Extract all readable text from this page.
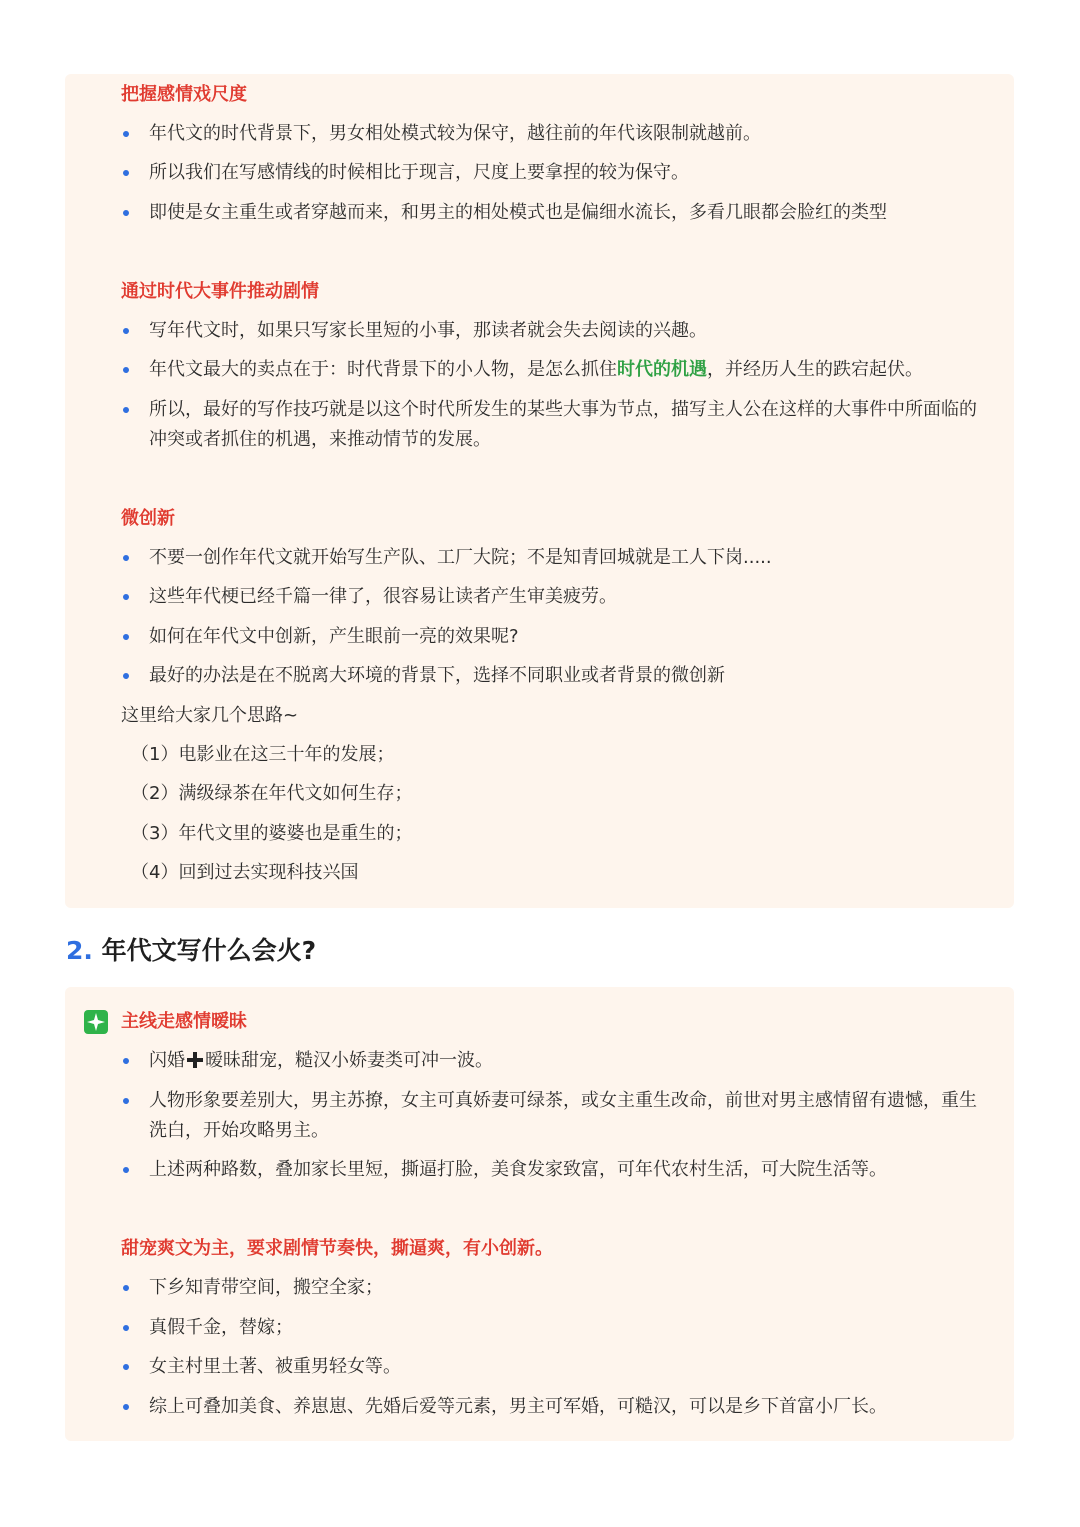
把握感情戏尺度
年代文的时代背景下，男女相处模式较为保守，越往前的年代该限制就越前。
所以我们在写感情线的时候相比于现言，尺度上要拿捏的较为保守。
即使是女主重生或者穿越而来，和男主的相处模式也是偏细水流长，多看几眼都会脸红的类型
通过时代大事件推动剧情
写年代文时，如果只写家长里短的小事，那读者就会失去阅读的兴趣。
年代文最大的卖点在于：时代背景下的小人物，是怎么抓住时代的机遇，并经历人生的跌宕起伏。
所以，最好的写作技巧就是以这个时代所发生的某些大事为节点，描写主人公在这样的大事件中所面临的冲突或者抓住的机遇，来推动情节的发展。
微创新
不要一创作年代文就开始写生产队、工厂大院；不是知青回城就是工人下岗.....
这些年代梗已经千篇一律了，很容易让读者产生审美疲劳。
如何在年代文中创新，产生眼前一亮的效果呢?
最好的办法是在不脱离大环境的背景下，选择不同职业或者背景的微创新
这里给大家几个思路~
（1）电影业在这三十年的发展；
（2）满级绿茶在年代文如何生存；
（3）年代文里的婆婆也是重生的；
（4）回到过去实现科技兴国
2. 年代文写什么会火?
主线走感情暧昧
闪婚 暧昧甜宠，糙汉小娇妻类可冲一波。
人物形象要差别大，男主苏撩，女主可真娇妻可绿茶，或女主重生改命，前世对男主感情留有遗憾，重生洗白，开始攻略男主。
上述两种路数，叠加家长里短，撕逼打脸，美食发家致富，可年代农村生活，可大院生活等。
甜宠爽文为主，要求剧情节奏快，撕逼爽，有小创新。
下乡知青带空间，搬空全家；
真假千金，替嫁；
女主村里土著、被重男轻女等。
综上可叠加美食、养崽崽、先婚后爱等元素，男主可军婚，可糙汉，可以是乡下首富小厂长。
